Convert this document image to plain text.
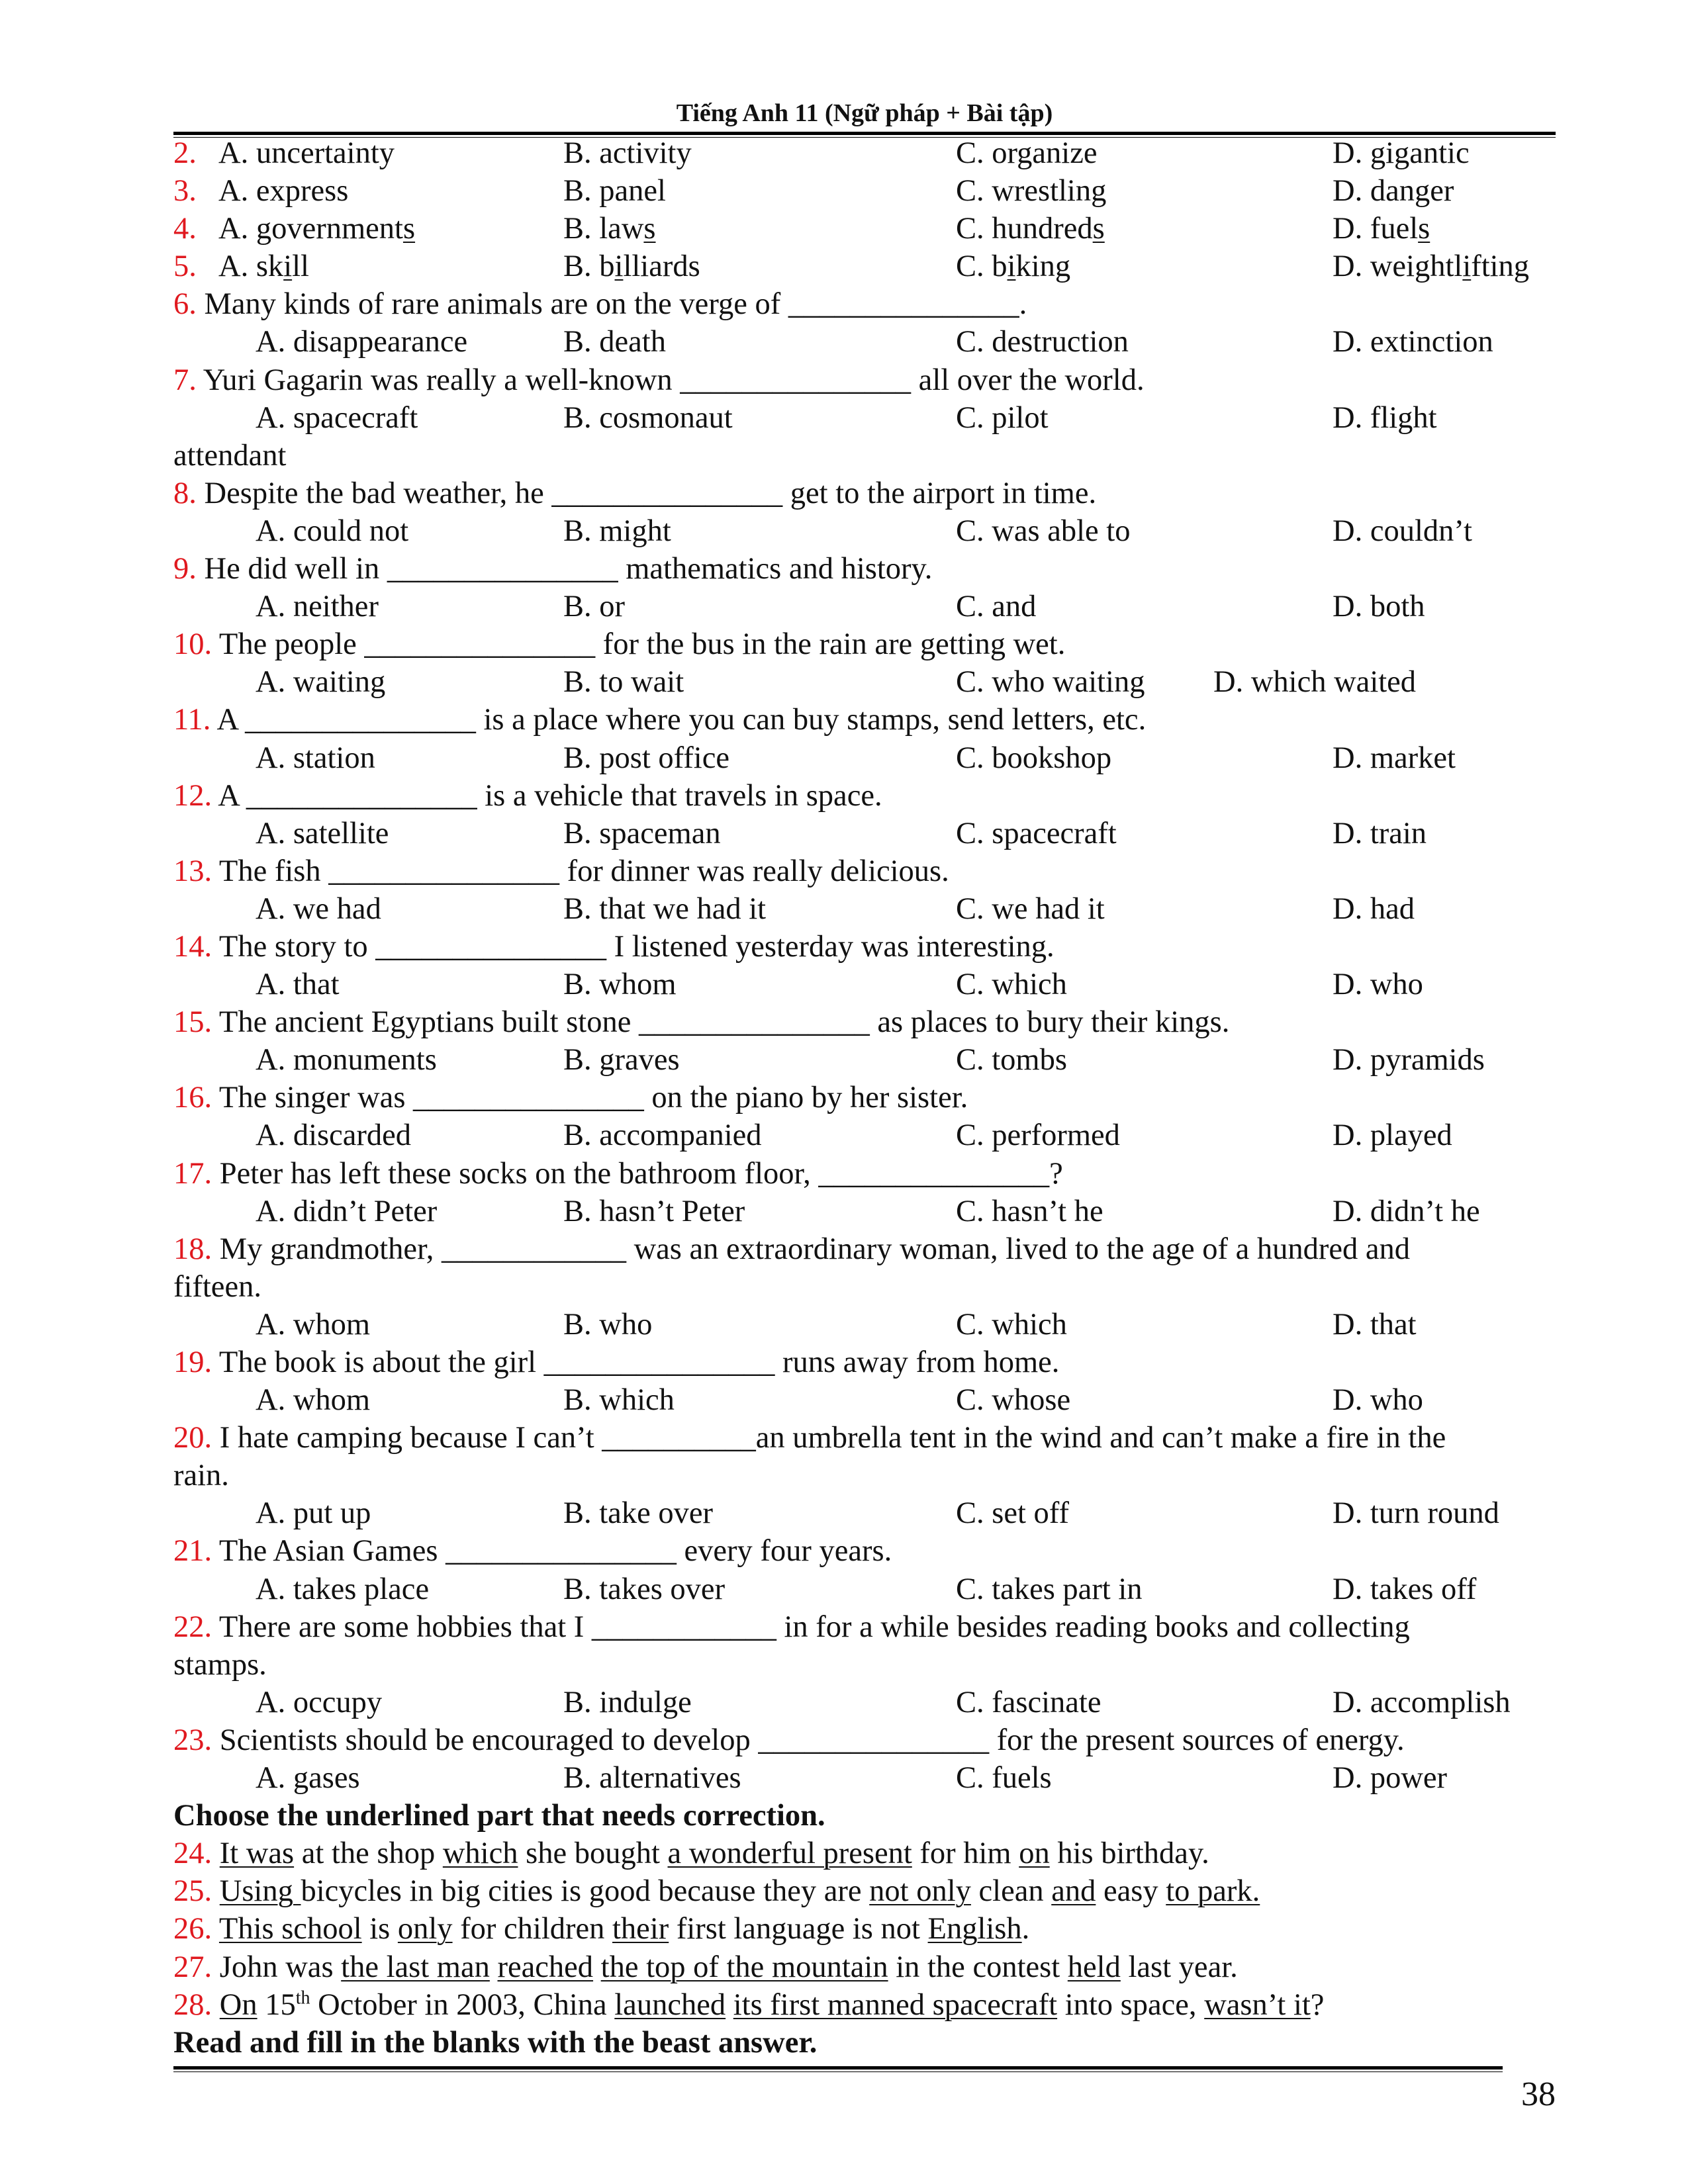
Tiếng Anh 11 (Ngữ pháp + Bài tập)
2. A. uncertainty	B. activity	C. organize	D. gigantic
3. A. express	B. panel	C. wrestling	D. danger
4. A. governments	B. laws	C. hundreds	D. fuels
5. A. skill	B. billiards	C. biking	D. weightlifting
6. Many kinds of rare animals are on the verge of _______________.
A. disappearance	B. death	C. destruction	D. extinction
7. Yuri Gagarin was really a well-known _______________ all over the world.
A. spacecraft	B. cosmonaut	C. pilot	D. flight
attendant
8. Despite the bad weather, he _______________ get to the airport in time.
A. could not	B. might	C. was able to	D. couldn’t
9. He did well in _______________ mathematics and history.
A. neither	B. or	C. and	D. both
10. The people _______________ for the bus in the rain are getting wet.
A. waiting	B. to wait	C. who waiting D. which waited
11. A _______________ is a place where you can buy stamps, send letters, etc.
A. station	B. post office	C. bookshop	D. market
12. A _______________ is a vehicle that travels in space.
A. satellite	B. spaceman	C. spacecraft	D. train
13. The fish _______________ for dinner was really delicious.
A. we had	B. that we had it	C. we had it	D. had
14. The story to _______________ I listened yesterday was interesting.
A. that	B. whom	C. which	D. who
15. The ancient Egyptians built stone _______________ as places to bury their kings.
A. monuments	B. graves	C. tombs	D. pyramids
16. The singer was _______________ on the piano by her sister.
A. discarded	B. accompanied	C. performed	D. played
17. Peter has left these socks on the bathroom floor, _______________?
A. didn’t Peter	B. hasn’t Peter	C. hasn’t he	D. didn’t he
18. My grandmother, ____________ was an extraordinary woman, lived to the age of a hundred and
fifteen.
A. whom	B. who	C. which	D. that
19. The book is about the girl _______________ runs away from home.
A. whom	B. which	C. whose	D. who
20. I hate camping because I can’t __________an umbrella tent in the wind and can’t make a fire in the
rain.
A. put up	B. take over	C. set off	D. turn round
21. The Asian Games _______________ every four years.
A. takes place	B. takes over	C. takes part in	D. takes off
22. There are some hobbies that I ____________ in for a while besides reading books and collecting
stamps.
A. occupy	B. indulge	C. fascinate	D. accomplish
23. Scientists should be encouraged to develop _______________ for the present sources of energy.
A. gases	B. alternatives	C. fuels	D. power
Choose the underlined part that needs correction.
24. It was at the shop which she bought a wonderful present for him on his birthday.
25. Using bicycles in big cities is good because they are not only clean and easy to park.
26. This school is only for children their first language is not English.
27. John was the last man reached the top of the mountain in the contest held last year.
28. On 15th October in 2003, China launched its first manned spacecraft into space, wasn’t it?
Read and fill in the blanks with the beast answer.
38
